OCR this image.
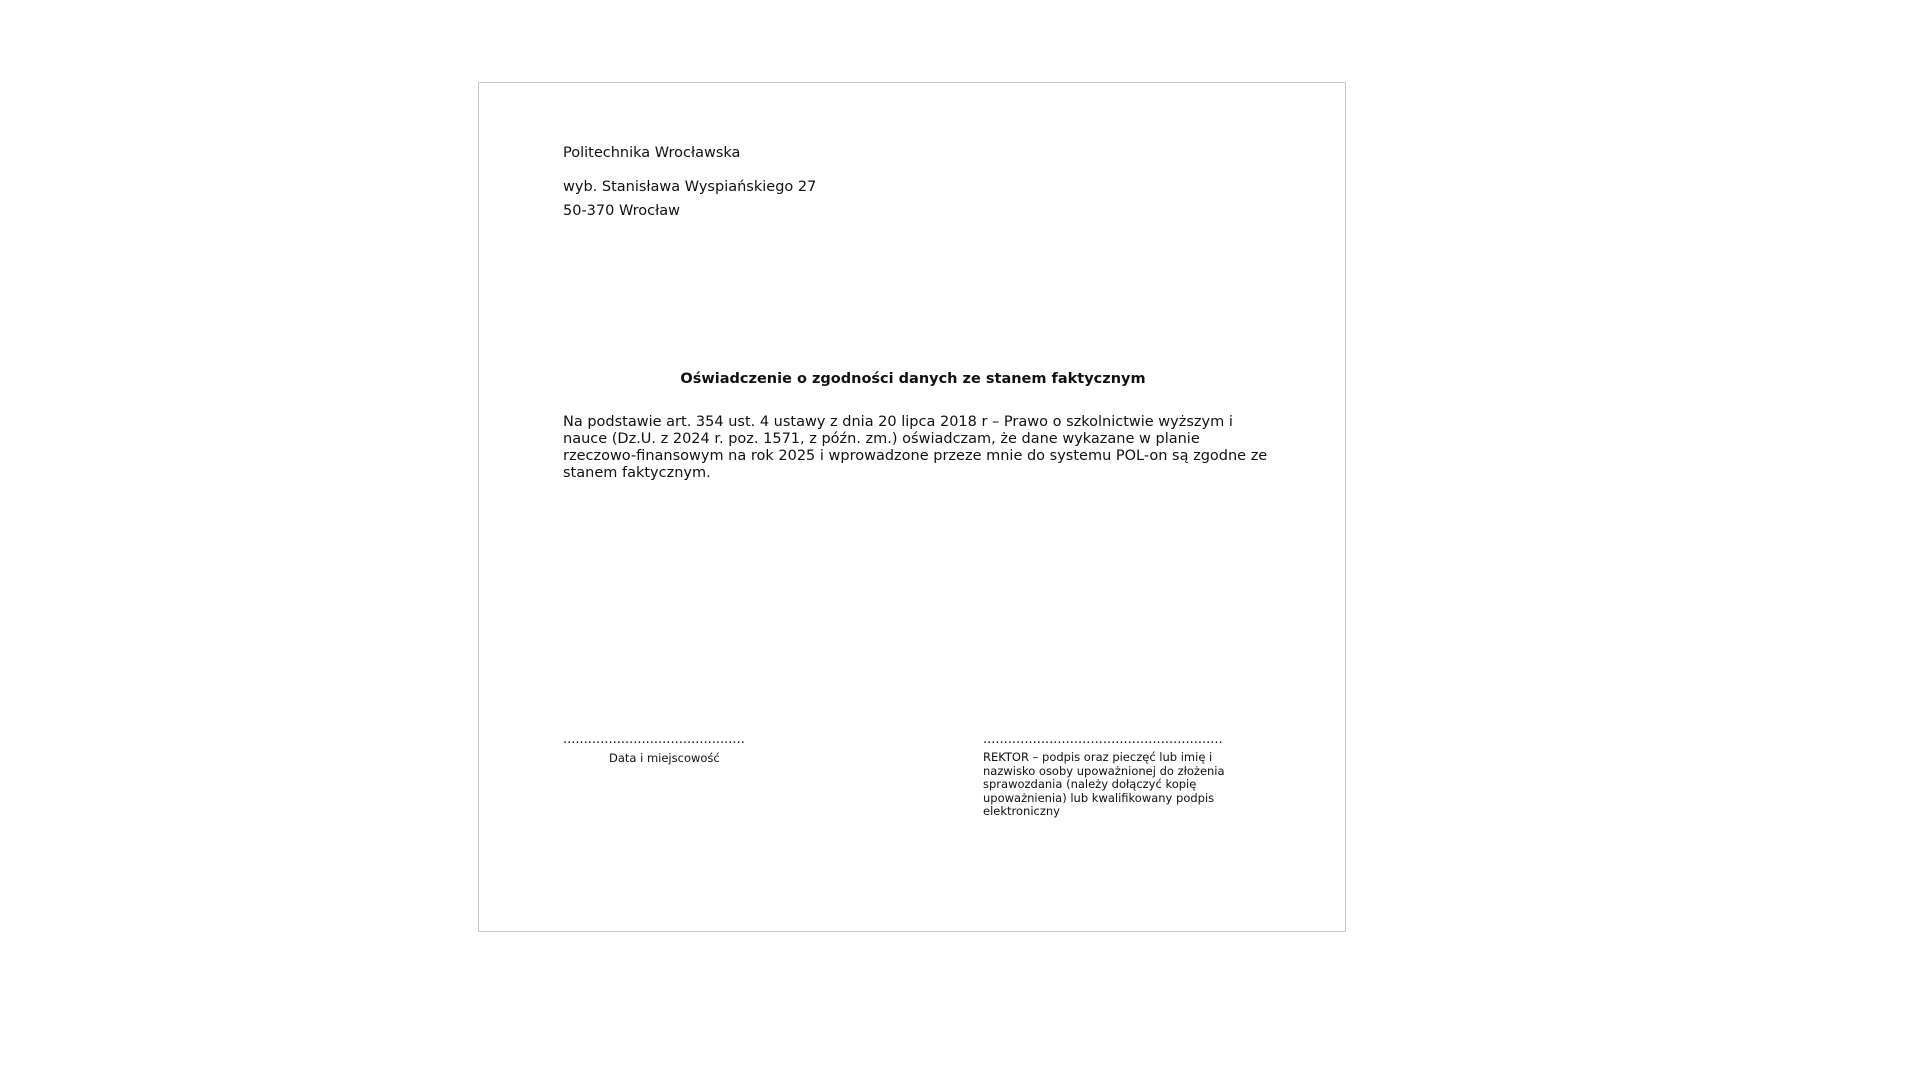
Politechnika Wrocławska
wyb. Stanisława Wyspiańskiego 27
50-370 Wrocław
Oświadczenie o zgodności danych ze stanem faktycznym
Na podstawie art. 354 ust. 4 ustawy z dnia 20 lipca 2018 r – Prawo o szkolnictwie wyższym i nauce (Dz.U. z 2024 r. poz. 1571, z późn. zm.) oświadczam, że dane wykazane w planie rzeczowo-finansowym na rok 2025 i wprowadzone przeze mnie do systemu POL-on są zgodne ze stanem faktycznym.
............................................
Data i miejscowość
..........................................................
REKTOR – podpis oraz pieczęć lub imię i nazwisko osoby upoważnionej do złożenia sprawozdania (należy dołączyć kopię upoważnienia) lub kwalifikowany podpis elektroniczny
